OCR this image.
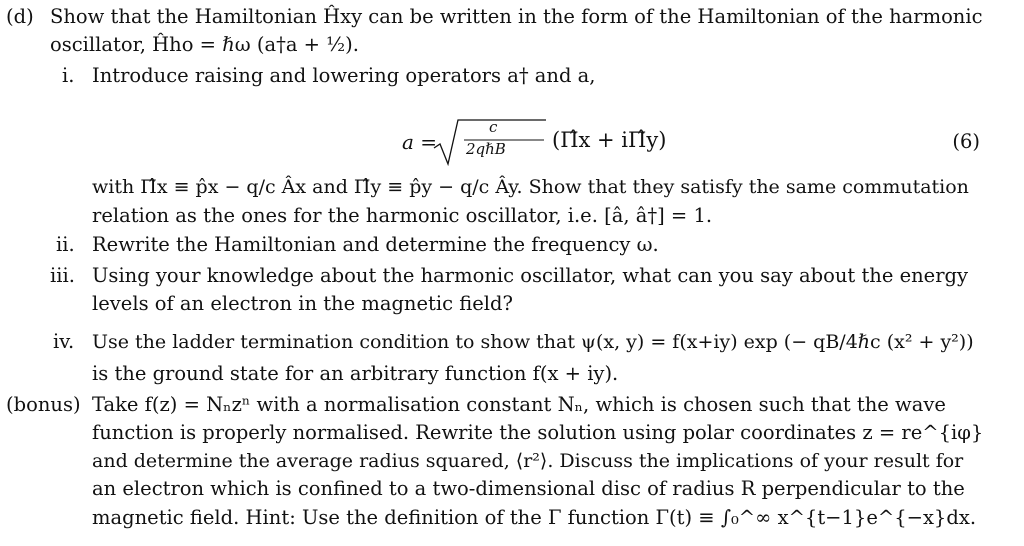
(d) Show that the Hamiltonian Ĥxy can be written in the form of the Hamiltonian of the harmonic
oscillator, Ĥho = ℏω (a†a + ½).
i. Introduce raising and lowering operators a† and a,
a =
c
2qℏB (Π̂x + iΠ̂y)	(6)
with Π̂x ≡ p̂x − q/c Âx and Π̂y ≡ p̂y − q/c Ây. Show that they satisfy the same commutation
relation as the ones for the harmonic oscillator, i.e. [â, â†] = 1.
ii. Rewrite the Hamiltonian and determine the frequency ω.
iii. Using your knowledge about the harmonic oscillator, what can you say about the energy
levels of an electron in the magnetic field?
iv. Use the ladder termination condition to show that ψ(x, y) = f(x+iy) exp (− qB/4ℏc (x² + y²))
is the ground state for an arbitrary function f(x + iy).
(bonus) Take f(z) = Nₙzⁿ with a normalisation constant Nₙ, which is chosen such that the wave
function is properly normalised. Rewrite the solution using polar coordinates z = re^{iφ}
and determine the average radius squared, ⟨r²⟩. Discuss the implications of your result for
an electron which is confined to a two-dimensional disc of radius R perpendicular to the
magnetic field. Hint: Use the definition of the Γ function Γ(t) ≡ ∫₀^∞ x^{t−1}e^{−x}dx.
